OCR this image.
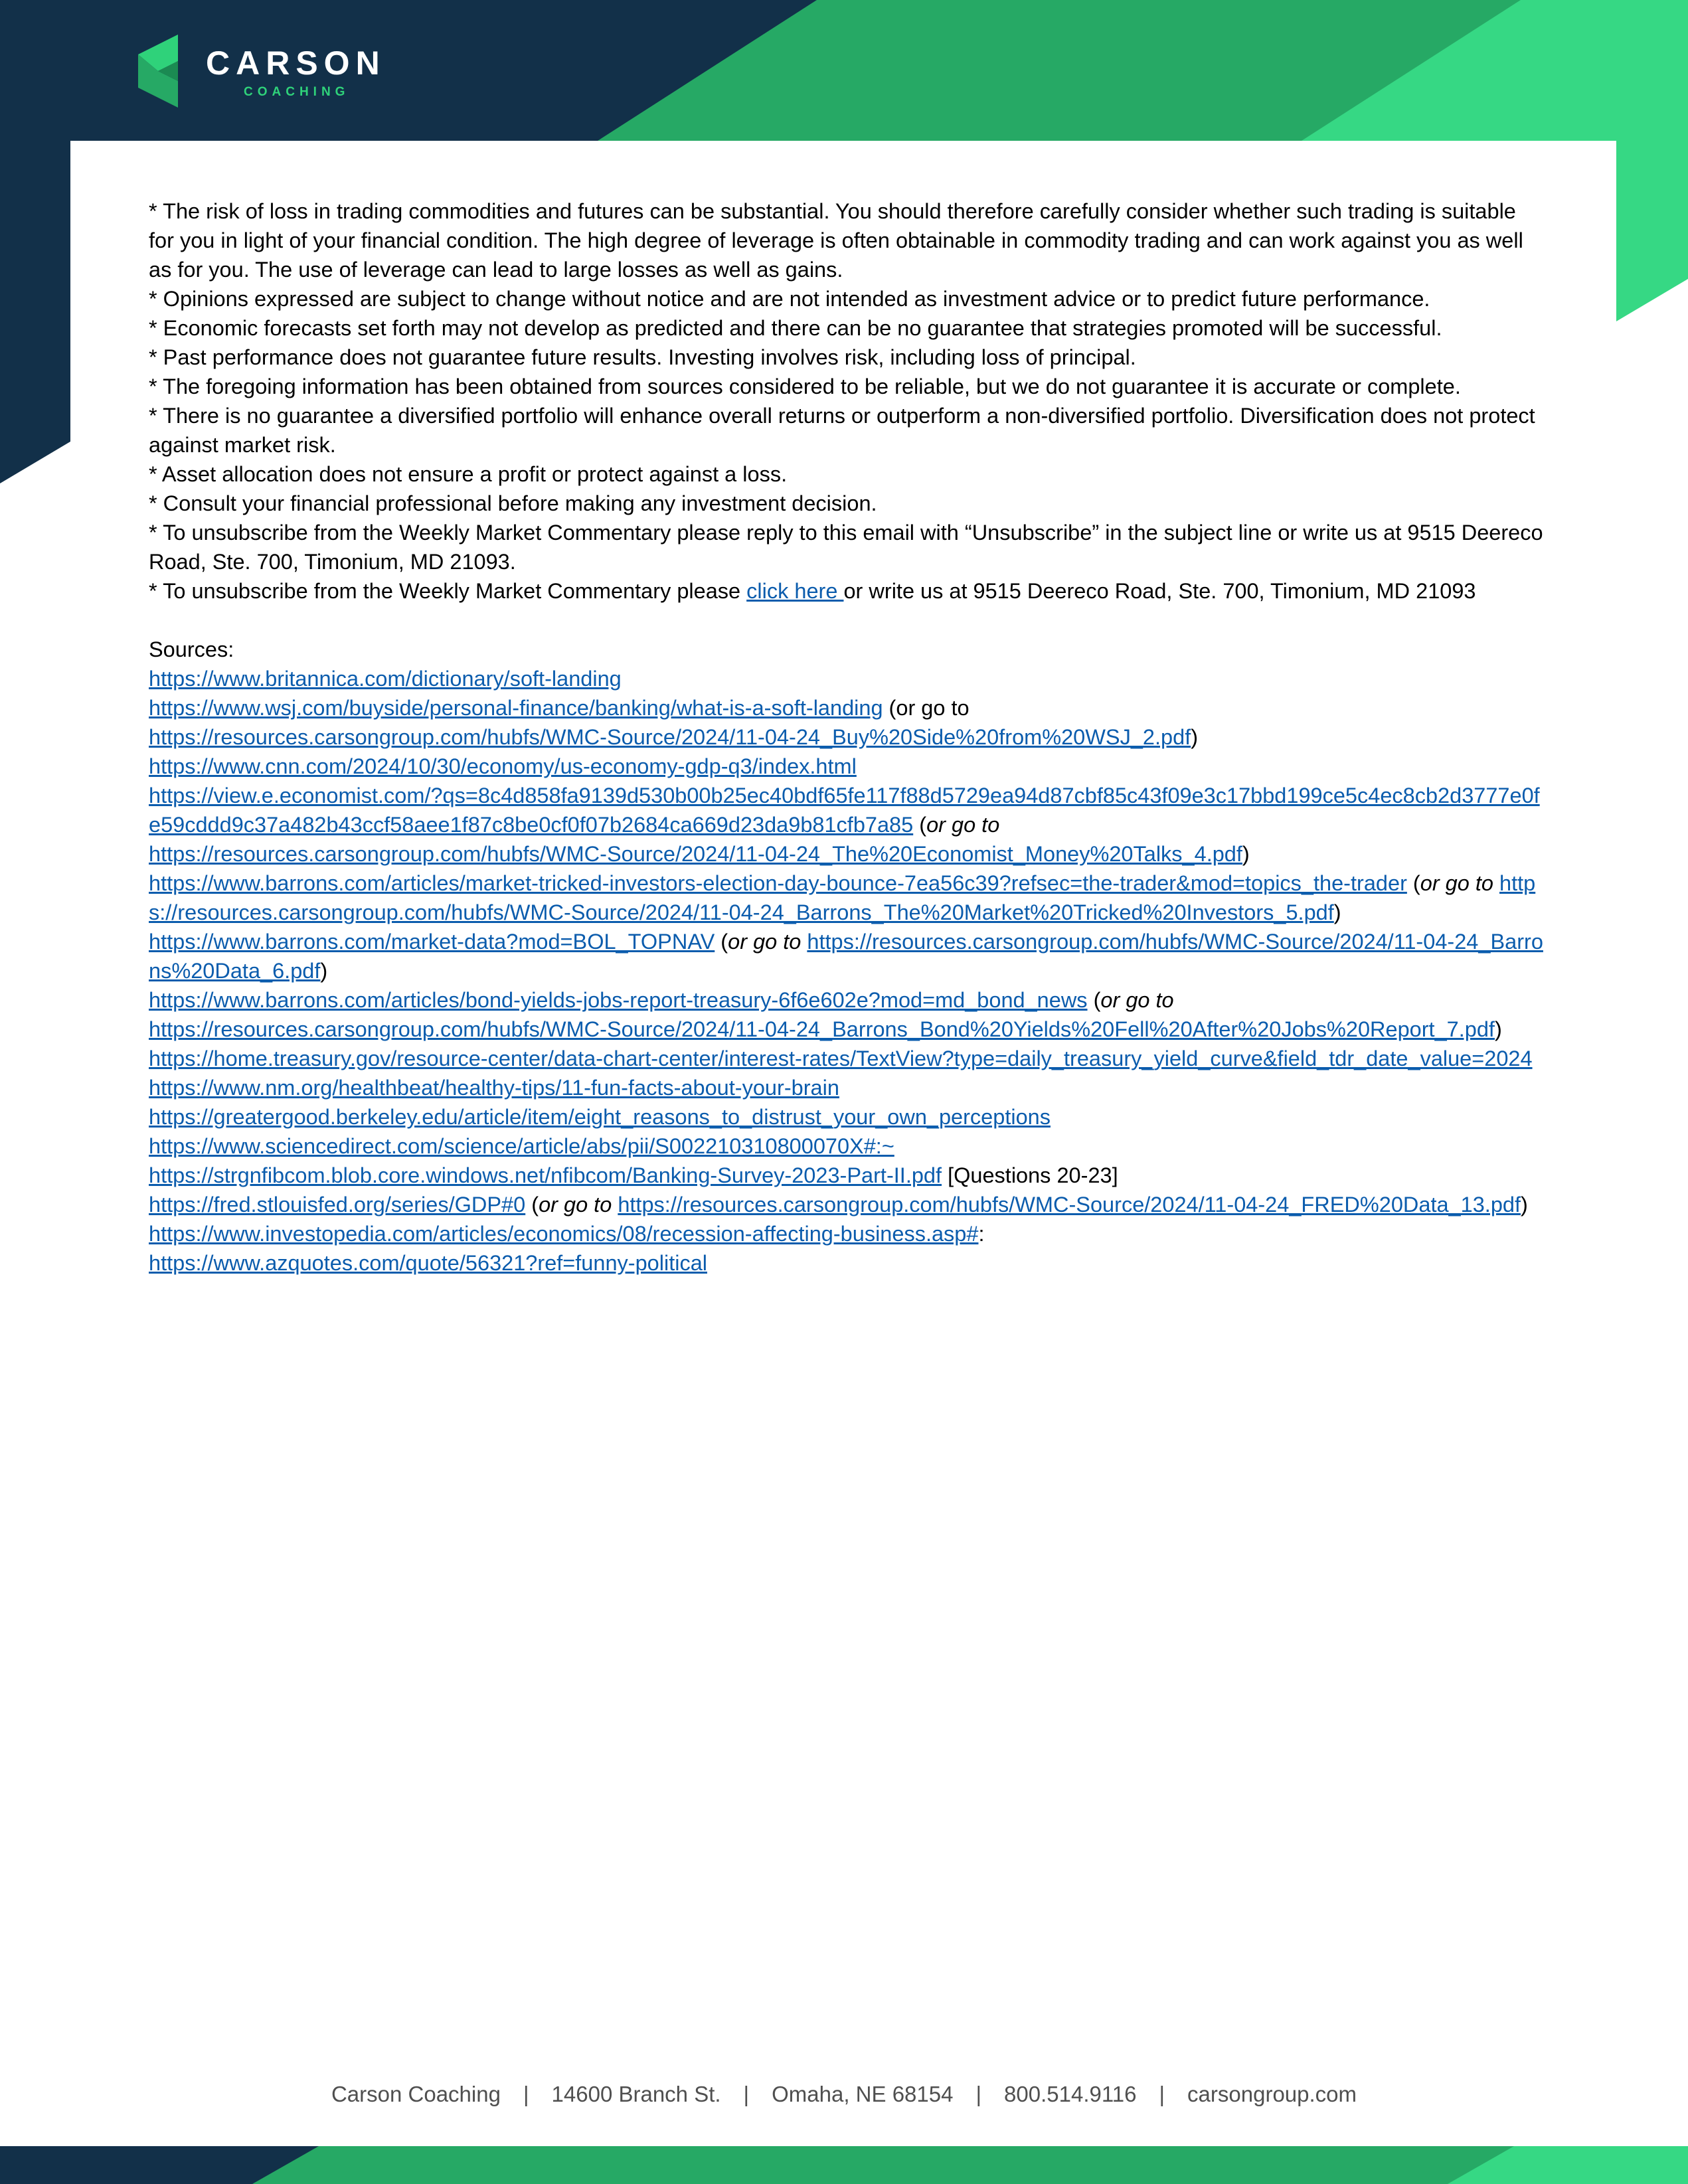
CARSON
COACHING

* The risk of loss in trading commodities and futures can be substantial. You should therefore carefully consider whether such trading is suitable for you in light of your financial condition. The high degree of leverage is often obtainable in commodity trading and can work against you as well as for you. The use of leverage can lead to large losses as well as gains.

* Opinions expressed are subject to change without notice and are not intended as investment advice or to predict future performance.

* Economic forecasts set forth may not develop as predicted and there can be no guarantee that strategies promoted will be successful.

* Past performance does not guarantee future results. Investing involves risk, including loss of principal.

* The foregoing information has been obtained from sources considered to be reliable, but we do not guarantee it is accurate or complete.

* There is no guarantee a diversified portfolio will enhance overall returns or outperform a non-diversified portfolio. Diversification does not protect against market risk.

* Asset allocation does not ensure a profit or protect against a loss.

* Consult your financial professional before making any investment decision.

* To unsubscribe from the Weekly Market Commentary please reply to this email with “Unsubscribe” in the subject line or write us at 9515 Deereco Road, Ste. 700, Timonium, MD 21093.

* To unsubscribe from the Weekly Market Commentary please click here or write us at 9515 Deereco Road, Ste. 700, Timonium, MD 21093

Sources:

https://www.britannica.com/dictionary/soft-landing

https://www.wsj.com/buyside/personal-finance/banking/what-is-a-soft-landing (or go to
https://resources.carsongroup.com/hubfs/WMC-Source/2024/11-04-24_Buy%20Side%20from%20WSJ_2.pdf)

https://www.cnn.com/2024/10/30/economy/us-economy-gdp-q3/index.html

https://view.e.economist.com/?qs=8c4d858fa9139d530b00b25ec40bdf65fe117f88d5729ea94d87cbf85c43f09e3c17bbd199ce5c4ec8cb2d3777e0fe59cddd9c37a482b43ccf58aee1f87c8be0cf0f07b2684ca669d23da9b81cfb7a85 (or go to
https://resources.carsongroup.com/hubfs/WMC-Source/2024/11-04-24_The%20Economist_Money%20Talks_4.pdf)

https://www.barrons.com/articles/market-tricked-investors-election-day-bounce-7ea56c39?refsec=the-trader&mod=topics_the-trader (or go to https://resources.carsongroup.com/hubfs/WMC-Source/2024/11-04-24_Barrons_The%20Market%20Tricked%20Investors_5.pdf)

https://www.barrons.com/market-data?mod=BOL_TOPNAV (or go to https://resources.carsongroup.com/hubfs/WMC-Source/2024/11-04-24_Barrons%20Data_6.pdf)

https://www.barrons.com/articles/bond-yields-jobs-report-treasury-6f6e602e?mod=md_bond_news (or go to
https://resources.carsongroup.com/hubfs/WMC-Source/2024/11-04-24_Barrons_Bond%20Yields%20Fell%20After%20Jobs%20Report_7.pdf)

https://home.treasury.gov/resource-center/data-chart-center/interest-rates/TextView?type=daily_treasury_yield_curve&field_tdr_date_value=2024

https://www.nm.org/healthbeat/healthy-tips/11-fun-facts-about-your-brain

https://greatergood.berkeley.edu/article/item/eight_reasons_to_distrust_your_own_perceptions

https://www.sciencedirect.com/science/article/abs/pii/S002210310800070X#:~

https://strgnfibcom.blob.core.windows.net/nfibcom/Banking-Survey-2023-Part-II.pdf [Questions 20-23]

https://fred.stlouisfed.org/series/GDP#0 (or go to https://resources.carsongroup.com/hubfs/WMC-Source/2024/11-04-24_FRED%20Data_13.pdf)

https://www.investopedia.com/articles/economics/08/recession-affecting-business.asp#:

https://www.azquotes.com/quote/56321?ref=funny-political

Carson Coaching | 14600 Branch St. | Omaha, NE 68154 | 800.514.9116 | carsongroup.com
